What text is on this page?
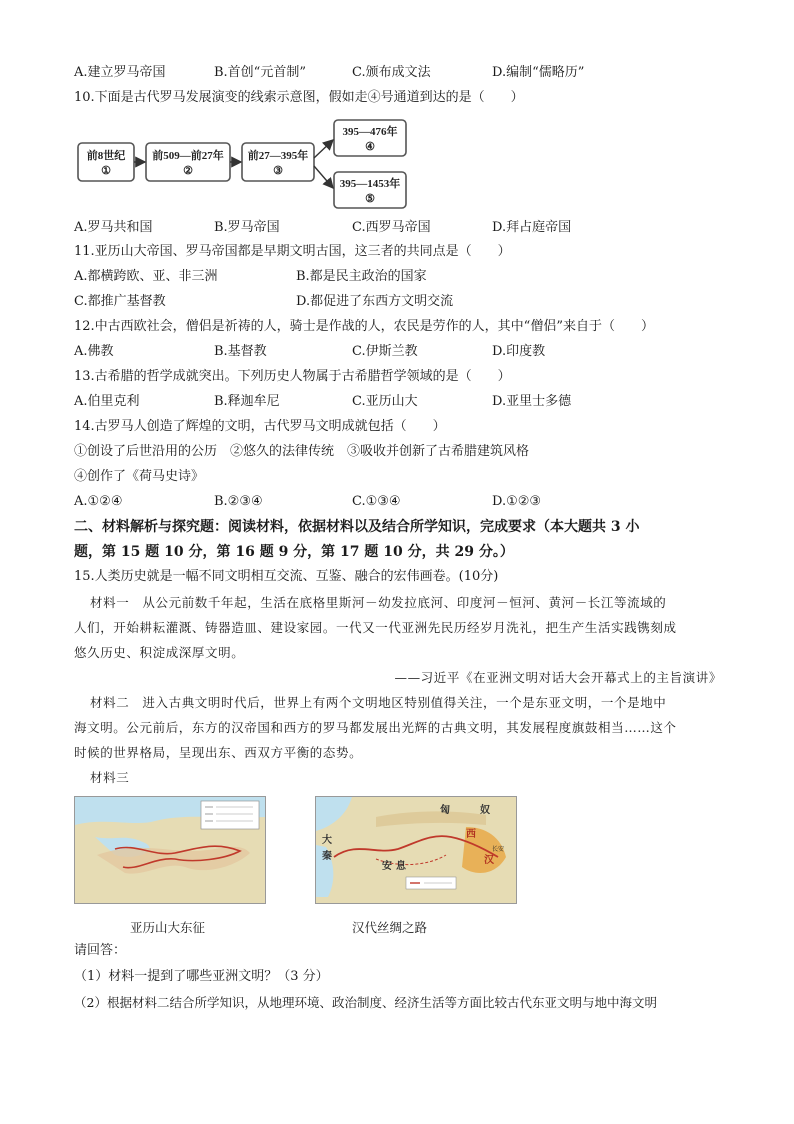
A.建立罗马帝国	B.首创“元首制”	C.颁布成文法	D.编制“儒略历”
10.下面是古代罗马发展演变的线索示意图，假如走④号通道到达的是（　　）
前8世纪
①
前509—前27年
②
前27—395年
③
395—476年
④
395—1453年
⑤
A.罗马共和国	B.罗马帝国	C.西罗马帝国	D.拜占庭帝国
11.亚历山大帝国、罗马帝国都是早期文明古国，这三者的共同点是（　　）
A.都横跨欧、亚、非三洲	B.都是民主政治的国家
C.都推广基督教	D.都促进了东西方文明交流
12.中古西欧社会，僧侣是祈祷的人，骑士是作战的人，农民是劳作的人，其中“僧侣”来自于（　　）
A.佛教	B.基督教	C.伊斯兰教	D.印度教
13.古希腊的哲学成就突出。下列历史人物属于古希腊哲学领域的是（　　）
A.伯里克利	B.释迦牟尼	C.亚历山大	D.亚里士多德
14.古罗马人创造了辉煌的文明，古代罗马文明成就包括（　　）
①创设了后世沿用的公历　②悠久的法律传统　③吸收并创新了古希腊建筑风格
④创作了《荷马史诗》
A.①②④	B.②③④	C.①③④	D.①②③
二、材料解析与探究题：阅读材料，依据材料以及结合所学知识，完成要求（本大题共 3 小
题，第 15 题 10 分，第 16 题 9 分，第 17 题 10 分，共 29 分。）
15.人类历史就是一幅不同文明相互交流、互鉴、融合的宏伟画卷。(10分)
材料一　从公元前数千年起，生活在底格里斯河－幼发拉底河、印度河－恒河、黄河－长江等流域的
人们，开始耕耘灌溉、铸器造皿、建设家园。一代又一代亚洲先民历经岁月洗礼，把生产生活实践镌刻成
悠久历史、积淀成深厚文明。
——习近平《在亚洲文明对话大会开幕式上的主旨演讲》
材料二　进入古典文明时代后，世界上有两个文明地区特别值得关注，一个是东亚文明，一个是地中
海文明。公元前后，东方的汉帝国和西方的罗马都发展出光辉的古典文明，其发展程度旗鼓相当……这个
时候的世界格局，呈现出东、西双方平衡的态势。
材料三
亚历山大东征
匈	奴
西
汉
大
秦
安 息
长安
汉代丝绸之路
请回答：
（1）材料一提到了哪些亚洲文明？（3 分）
（2）根据材料二结合所学知识，从地理环境、政治制度、经济生活等方面比较古代东亚文明与地中海文明
